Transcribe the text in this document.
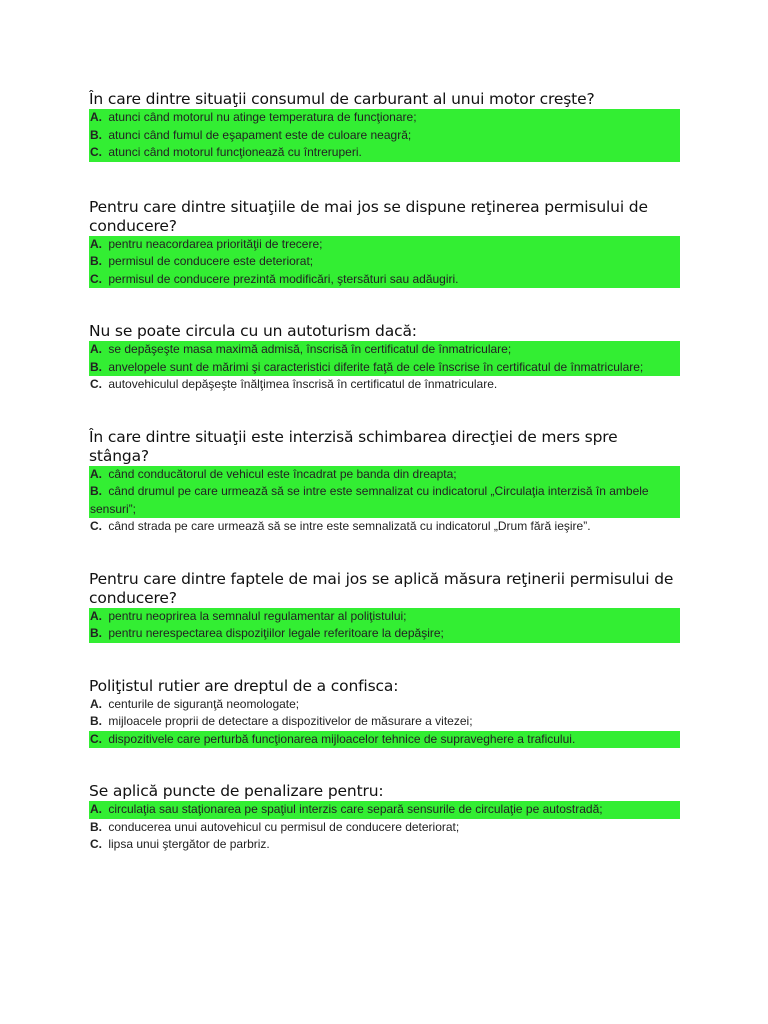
În care dintre situaţii consumul de carburant al unui motor creşte?
A. atunci când motorul nu atinge temperatura de funcţionare;
B. atunci când fumul de eşapament este de culoare neagră;
C. atunci când motorul funcţionează cu întreruperi.
Pentru care dintre situaţiile de mai jos se dispune reţinerea permisului de conducere?
A. pentru neacordarea priorităţii de trecere;
B. permisul de conducere este deteriorat;
C. permisul de conducere prezintă modificări, ştersături sau adăugiri.
Nu se poate circula cu un autoturism dacă:
A. se depăşeşte masa maximă admisă, înscrisă în certificatul de înmatriculare;
B. anvelopele sunt de mărimi şi caracteristici diferite faţă de cele înscrise în certificatul de înmatriculare;
C. autovehiculul depăşeşte înălţimea înscrisă în certificatul de înmatriculare.
În care dintre situaţii este interzisă schimbarea direcţiei de mers spre stânga?
A. când conducătorul de vehicul este încadrat pe banda din dreapta;
B. când drumul pe care urmează să se intre este semnalizat cu indicatorul „Circulaţia interzisă în ambele sensuri”;
C. când strada pe care urmează să se intre este semnalizată cu indicatorul „Drum fără ieşire”.
Pentru care dintre faptele de mai jos se aplică măsura reţinerii permisului de conducere?
A. pentru neoprirea la semnalul regulamentar al poliţistului;
B. pentru nerespectarea dispoziţiilor legale referitoare la depăşire;
Poliţistul rutier are dreptul de a confisca:
A. centurile de siguranţă neomologate;
B. mijloacele proprii de detectare a dispozitivelor de măsurare a vitezei;
C. dispozitivele care perturbă funcţionarea mijloacelor tehnice de supraveghere a traficului.
Se aplică puncte de penalizare pentru:
A. circulaţia sau staţionarea pe spaţiul interzis care separă sensurile de circulaţie pe autostradă;
B. conducerea unui autovehicul cu permisul de conducere deteriorat;
C. lipsa unui ştergător de parbriz.
